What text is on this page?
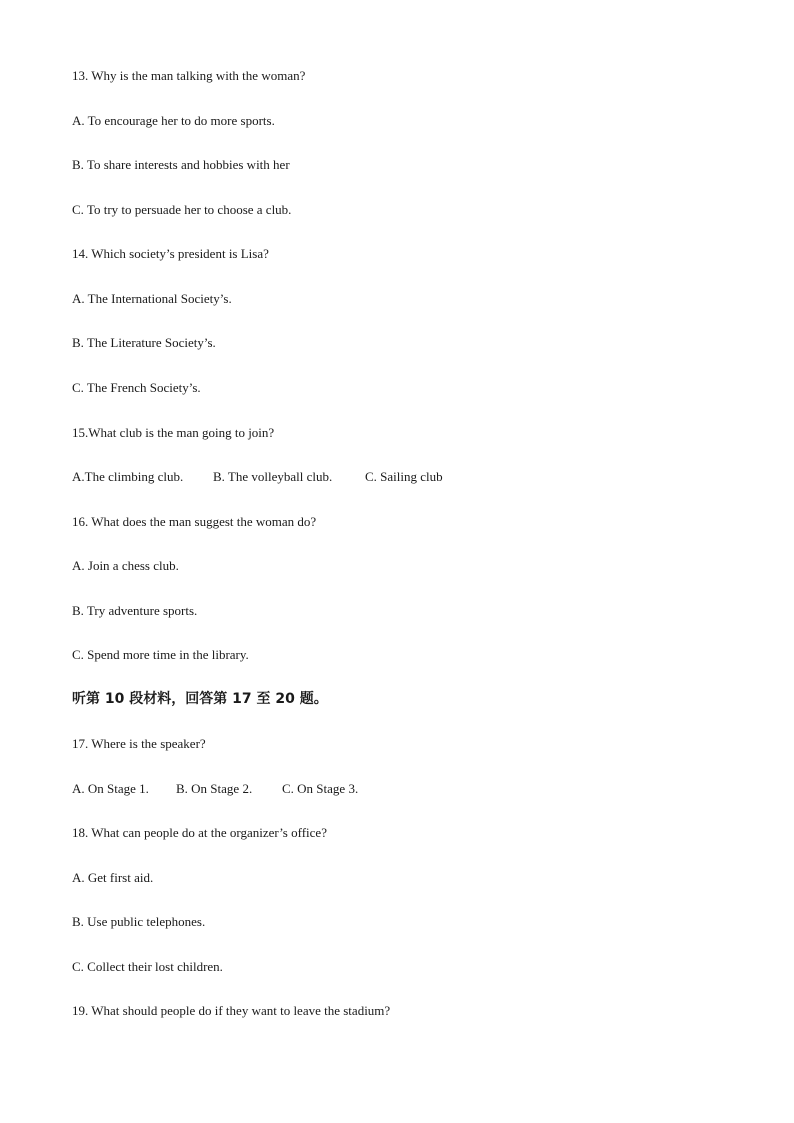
13. Why is the man talking with the woman?
A. To encourage her to do more sports.
B. To share interests and hobbies with her
C. To try to persuade her to choose a club.
14. Which society’s president is Lisa?
A. The International Society’s.
B. The Literature Society’s.
C. The French Society’s.
15.What club is the man going to join?
A.The climbing club. B. The volleyball club.	C. Sailing club
16. What does the man suggest the woman do?
A. Join a chess club.
B. Try adventure sports.
C. Spend more time in the library.
听第 10 段材料，回答第 17 至 20 题。
17. Where is the speaker?
A. On Stage 1. B. On Stage 2. C. On Stage 3.
18. What can people do at the organizer’s office?
A. Get first aid.
B. Use public telephones.
C. Collect their lost children.
19. What should people do if they want to leave the stadium?
